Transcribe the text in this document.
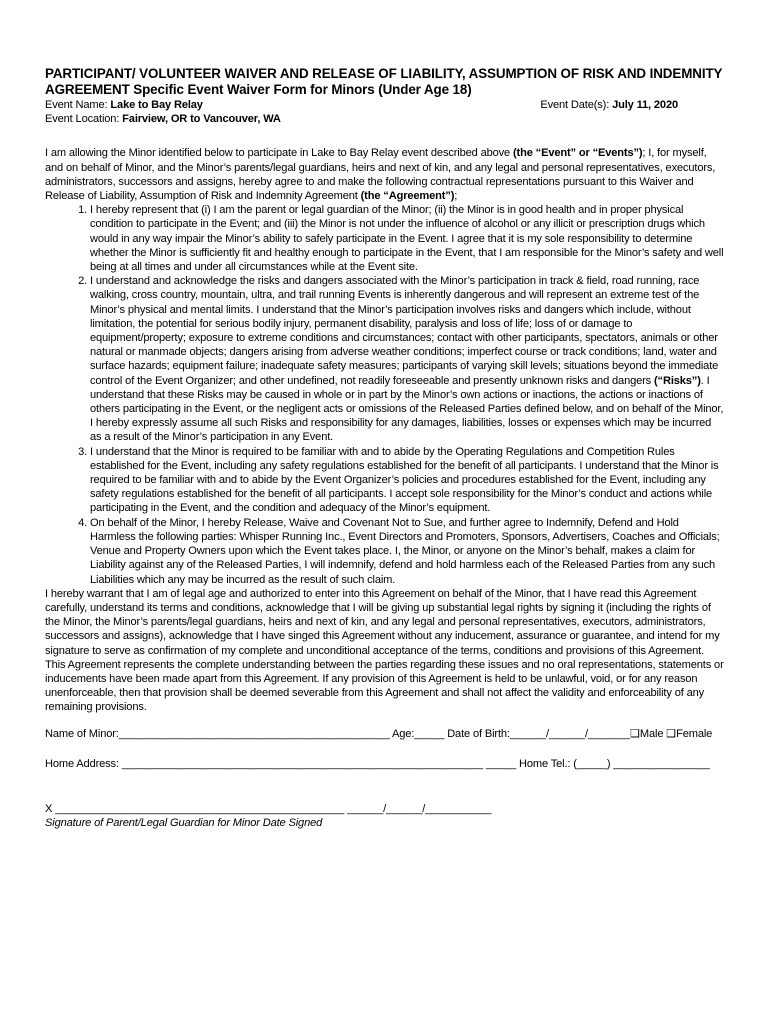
PARTICIPANT/ VOLUNTEER WAIVER AND RELEASE OF LIABILITY, ASSUMPTION OF RISK AND INDEMNITY
AGREEMENT Specific Event Waiver Form for Minors (Under Age 18)

Event Name: Lake to Bay Relay	Event Date(s): July 11, 2020
Event Location: Fairview, OR to Vancouver, WA

I am allowing the Minor identified below to participate in Lake to Bay Relay event described above (the “Event” or “Events”); I, for myself, and on behalf of Minor, and the Minor’s parents/legal guardians, heirs and next of kin, and any legal and personal representatives, executors, administrators, successors and assigns, hereby agree to and make the following contractual representations pursuant to this Waiver and Release of Liability, Assumption of Risk and Indemnity Agreement (the “Agreement”);

1. I hereby represent that (i) I am the parent or legal guardian of the Minor; (ii) the Minor is in good health and in proper physical condition to participate in the Event; and (iii) the Minor is not under the influence of alcohol or any illicit or prescription drugs which would in any way impair the Minor’s ability to safely participate in the Event. I agree that it is my sole responsibility to determine whether the Minor is sufficiently fit and healthy enough to participate in the Event, that I am responsible for the Minor’s safety and well being at all times and under all circumstances while at the Event site.
2. I understand and acknowledge the risks and dangers associated with the Minor’s participation in track & field, road running, race walking, cross country, mountain, ultra, and trail running Events is inherently dangerous and will represent an extreme test of the Minor’s physical and mental limits. I understand that the Minor’s participation involves risks and dangers which include, without limitation, the potential for serious bodily injury, permanent disability, paralysis and loss of life; loss of or damage to equipment/property; exposure to extreme conditions and circumstances; contact with other participants, spectators, animals or other natural or manmade objects; dangers arising from adverse weather conditions; imperfect course or track conditions; land, water and surface hazards; equipment failure; inadequate safety measures; participants of varying skill levels; situations beyond the immediate control of the Event Organizer; and other undefined, not readily foreseeable and presently unknown risks and dangers (“Risks”). I understand that these Risks may be caused in whole or in part by the Minor’s own actions or inactions, the actions or inactions of others participating in the Event, or the negligent acts or omissions of the Released Parties defined below, and on behalf of the Minor, I hereby expressly assume all such Risks and responsibility for any damages, liabilities, losses or expenses which may be incurred as a result of the Minor’s participation in any Event.
3. I understand that the Minor is required to be familiar with and to abide by the Operating Regulations and Competition Rules established for the Event, including any safety regulations established for the benefit of all participants. I understand that the Minor is required to be familiar with and to abide by the Event Organizer’s policies and procedures established for the Event, including any safety regulations established for the benefit of all participants. I accept sole responsibility for the Minor’s conduct and actions while participating in the Event, and the condition and adequacy of the Minor’s equipment.
4. On behalf of the Minor, I hereby Release, Waive and Covenant Not to Sue, and further agree to Indemnify, Defend and Hold Harmless the following parties: Whisper Running Inc., Event Directors and Promoters, Sponsors, Advertisers, Coaches and Officials; Venue and Property Owners upon which the Event takes place. I, the Minor, or anyone on the Minor’s behalf, makes a claim for Liability against any of the Released Parties, I will indemnify, defend and hold harmless each of the Released Parties from any such Liabilities which any may be incurred as the result of such claim.

I hereby warrant that I am of legal age and authorized to enter into this Agreement on behalf of the Minor, that I have read this Agreement carefully, understand its terms and conditions, acknowledge that I will be giving up substantial legal rights by signing it (including the rights of the Minor, the Minor’s parents/legal guardians, heirs and next of kin, and any legal and personal representatives, executors, administrators, successors and assigns), acknowledge that I have singed this Agreement without any inducement, assurance or guarantee, and intend for my signature to serve as confirmation of my complete and unconditional acceptance of the terms, conditions and provisions of this Agreement. This Agreement represents the complete understanding between the parties regarding these issues and no oral representations, statements or inducements have been made apart from this Agreement. If any provision of this Agreement is held to be unlawful, void, or for any reason unenforceable, then that provision shall be deemed severable from this Agreement and shall not affect the validity and enforceability of any remaining provisions.

Name of Minor:_____________________________________________ Age:_____ Date of Birth:______/______/_______❑Male ❑Female
Home Address: ____________________________________________________________ _____ Home Tel.: (_____) ________________
X ________________________________________________ ______/______/___________
Signature of Parent/Legal Guardian for Minor Date Signed
